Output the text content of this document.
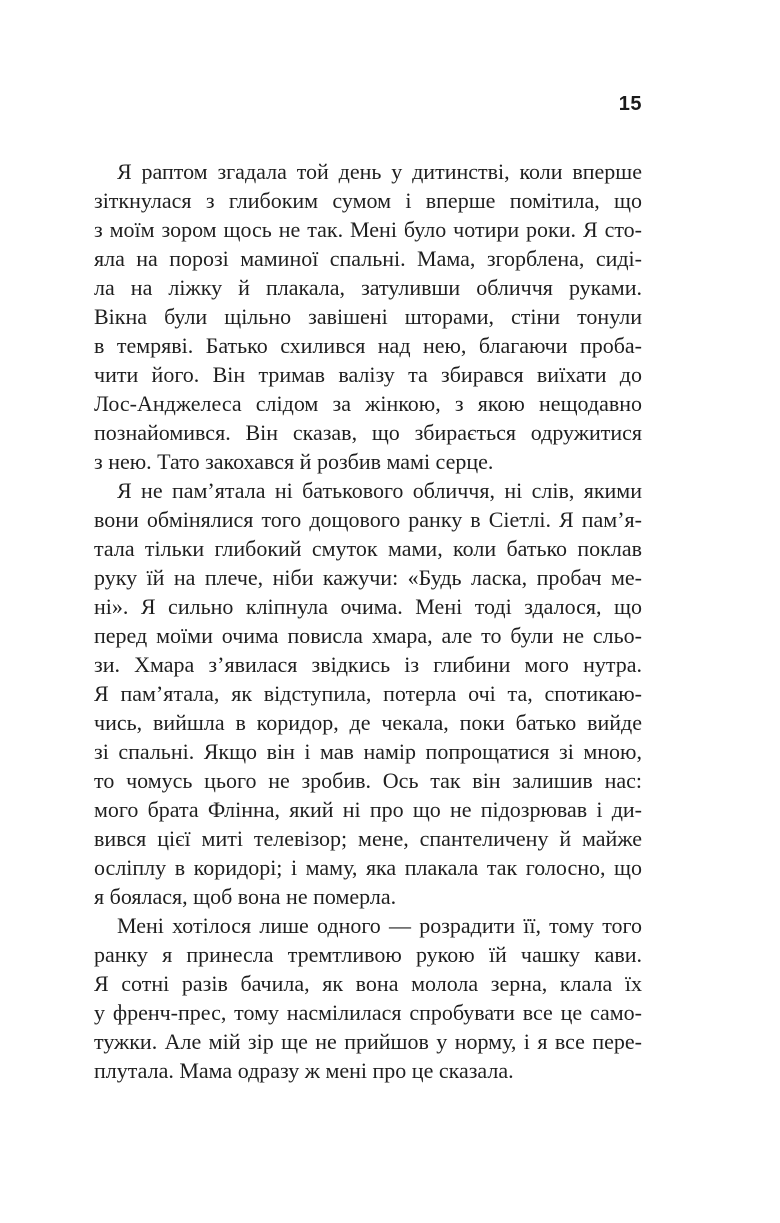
15
Я раптом згадала той день у дитинстві, коли вперше
зіткнулася з глибоким сумом і вперше помітила, що
з моїм зором щось не так. Мені було чотири роки. Я сто-
яла на порозі маминої спальні. Мама, згорблена, сиді-
ла на ліжку й плакала, затуливши обличчя руками.
Вікна були щільно завішені шторами, стіни тонули
в темряві. Батько схилився над нею, благаючи проба-
чити його. Він тримав валізу та збирався виїхати до
Лос-Анджелеса слідом за жінкою, з якою нещодавно
познайомився. Він сказав, що збирається одружитися
з нею. Тато закохався й розбив мамі серце.
Я не пам’ятала ні батькового обличчя, ні слів, якими
вони обмінялися того дощового ранку в Сіетлі. Я пам’я-
тала тільки глибокий смуток мами, коли батько поклав
руку їй на плече, ніби кажучи: «Будь ласка, пробач ме-
ні». Я сильно кліпнула очима. Мені тоді здалося, що
перед моїми очима повисла хмара, але то були не сльо-
зи. Хмара з’явилася звідкись із глибини мого нутра.
Я пам’ятала, як відступила, потерла очі та, спотикаю-
чись, вийшла в коридор, де чекала, поки батько вийде
зі спальні. Якщо він і мав намір попрощатися зі мною,
то чомусь цього не зробив. Ось так він залишив нас:
мого брата Флінна, який ні про що не підозрював і ди-
вився цієї миті телевізор; мене, спантеличену й майже
осліплу в коридорі; і маму, яка плакала так голосно, що
я боялася, щоб вона не померла.
Мені хотілося лише одного — розрадити її, тому того
ранку я принесла тремтливою рукою їй чашку кави.
Я сотні разів бачила, як вона молола зерна, клала їх
у френч-прес, тому насмілилася спробувати все це само-
тужки. Але мій зір ще не прийшов у норму, і я все пере-
плутала. Мама одразу ж мені про це сказала.
